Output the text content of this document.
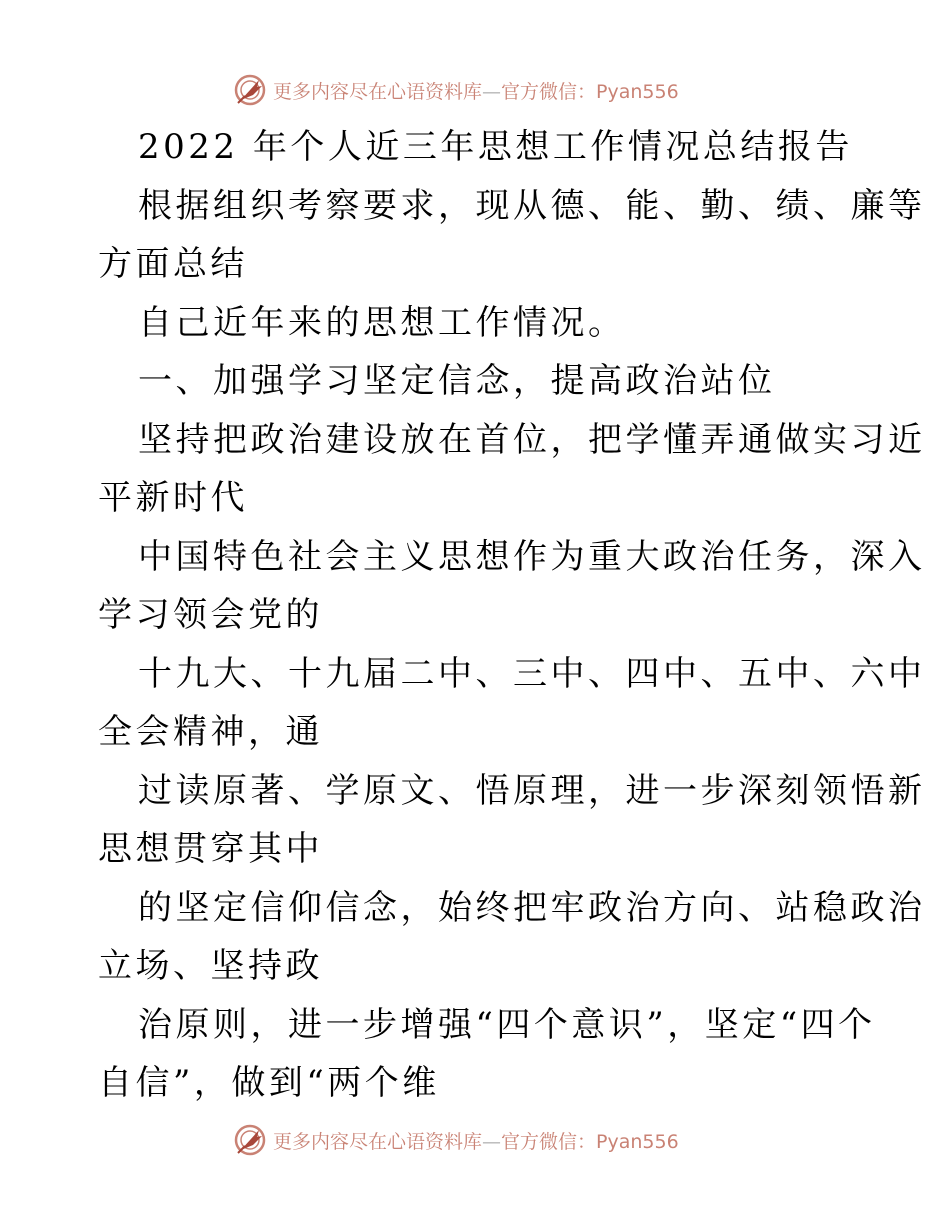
更多内容尽在心语资料库—官方微信：Pyan556
2022 年个人近三年思想工作情况总结报告
根据组织考察要求，现从德、能、勤、绩、廉等
方面总结
自己近年来的思想工作情况。
一、加强学习坚定信念，提高政治站位
坚持把政治建设放在首位，把学懂弄通做实习近
平新时代
中国特色社会主义思想作为重大政治任务，深入
学习领会党的
十九大、十九届二中、三中、四中、五中、六中
全会精神，通
过读原著、学原文、悟原理，进一步深刻领悟新
思想贯穿其中
的坚定信仰信念，始终把牢政治方向、站稳政治
立场、坚持政
治原则，进一步增强“四个意识”，坚定“四个
自信”，做到“两个维
更多内容尽在心语资料库—官方微信：Pyan556
